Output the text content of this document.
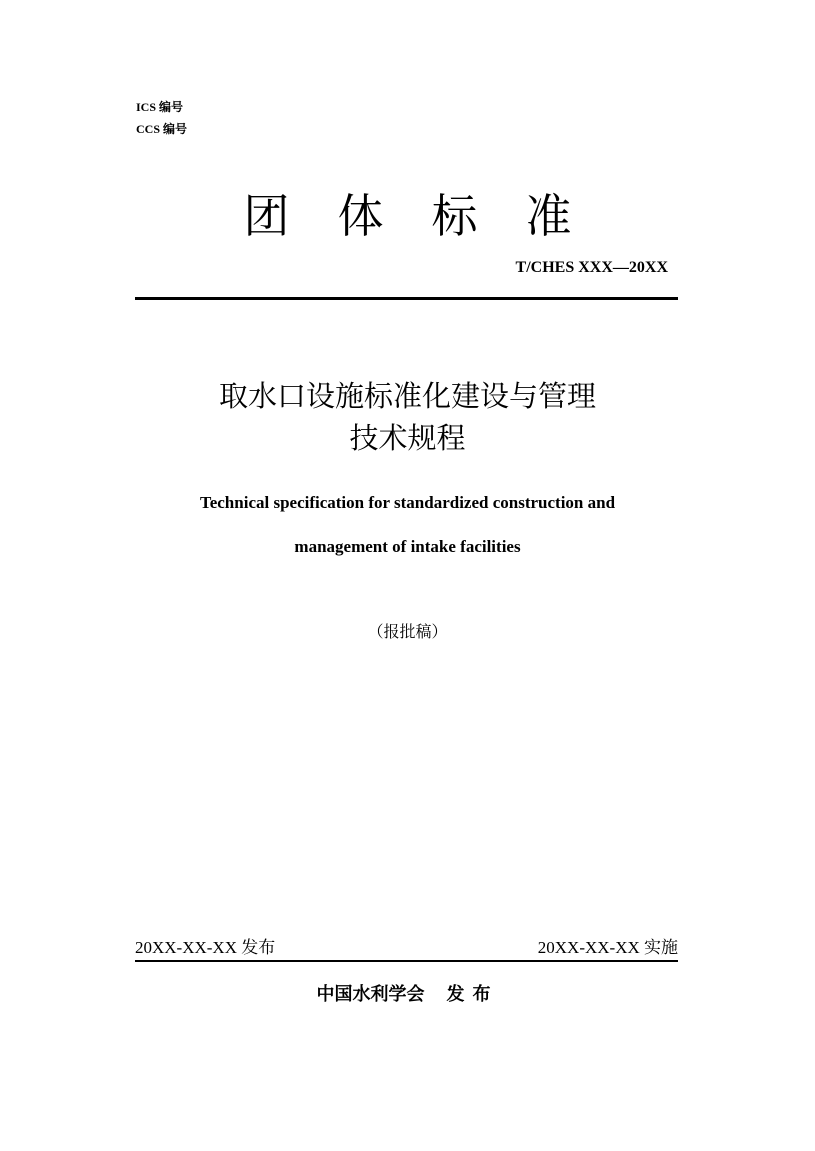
ICS 编号
CCS 编号
团体标准
T/CHES XXX—20XX
取水口设施标准化建设与管理
技术规程
Technical specification for standardized construction and
management of intake facilities
（报批稿）
20XX-XX-XX 发布	20XX-XX-XX 实施
中国水利学会 发布
